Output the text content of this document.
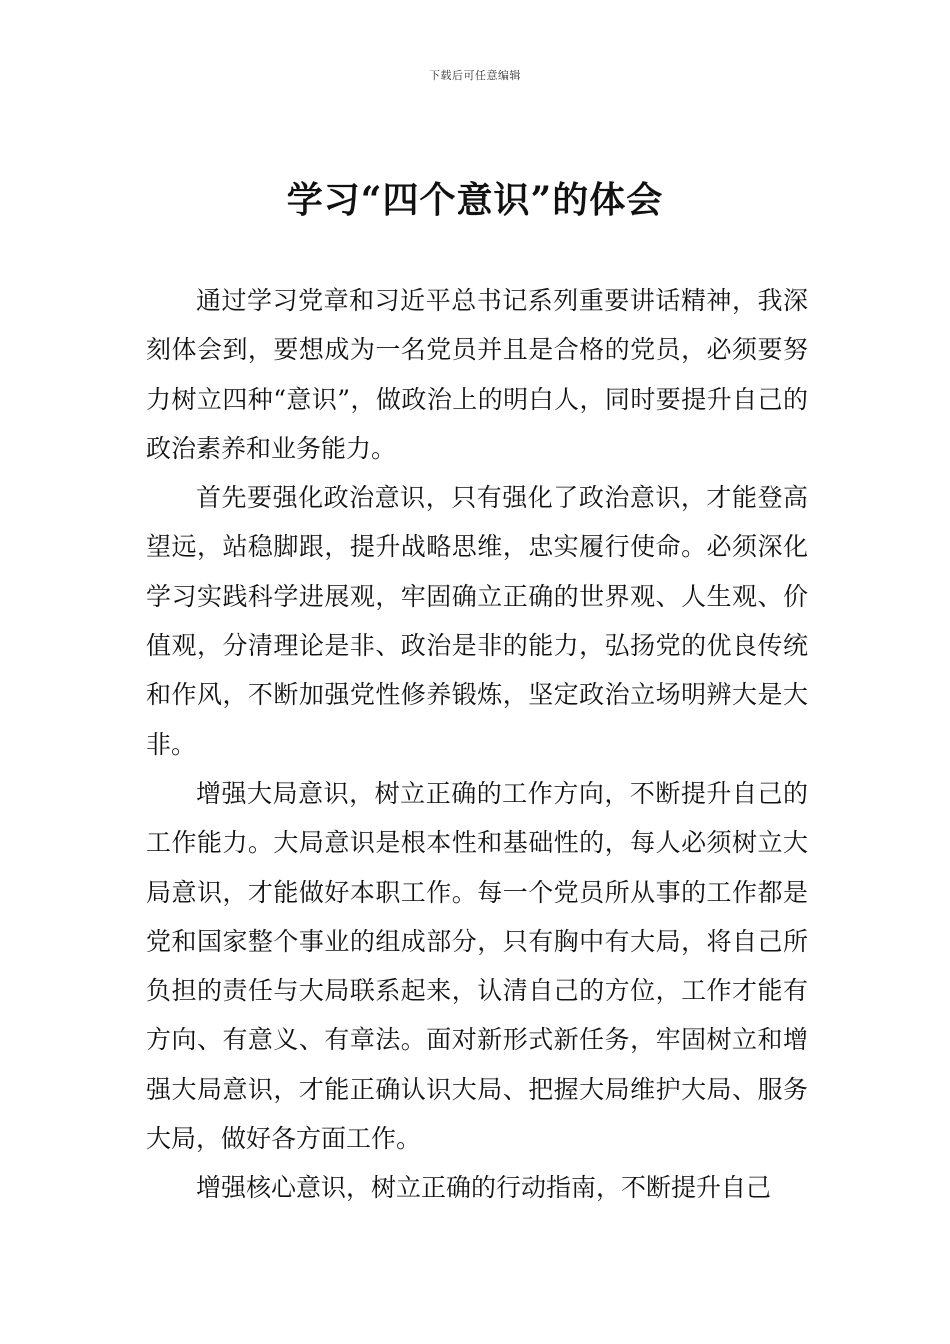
下载后可任意编辑
学习“四个意识”的体会

通过学习党章和习近平总书记系列重要讲话精神，我深刻体会到，要想成为一名党员并且是合格的党员，必须要努力树立四种“意识”，做政治上的明白人，同时要提升自己的政治素养和业务能力。

首先要强化政治意识，只有强化了政治意识，才能登高望远，站稳脚跟，提升战略思维，忠实履行使命。必须深化学习实践科学进展观，牢固确立正确的世界观、人生观、价值观，分清理论是非、政治是非的能力，弘扬党的优良传统和作风，不断加强党性修养锻炼，坚定政治立场明辨大是大非。

增强大局意识，树立正确的工作方向，不断提升自己的工作能力。大局意识是根本性和基础性的，每人必须树立大局意识，才能做好本职工作。每一个党员所从事的工作都是党和国家整个事业的组成部分，只有胸中有大局，将自己所负担的责任与大局联系起来，认清自己的方位，工作才能有方向、有意义、有章法。面对新形式新任务，牢固树立和增强大局意识，才能正确认识大局、把握大局维护大局、服务大局，做好各方面工作。

增强核心意识，树立正确的行动指南，不断提升自己
